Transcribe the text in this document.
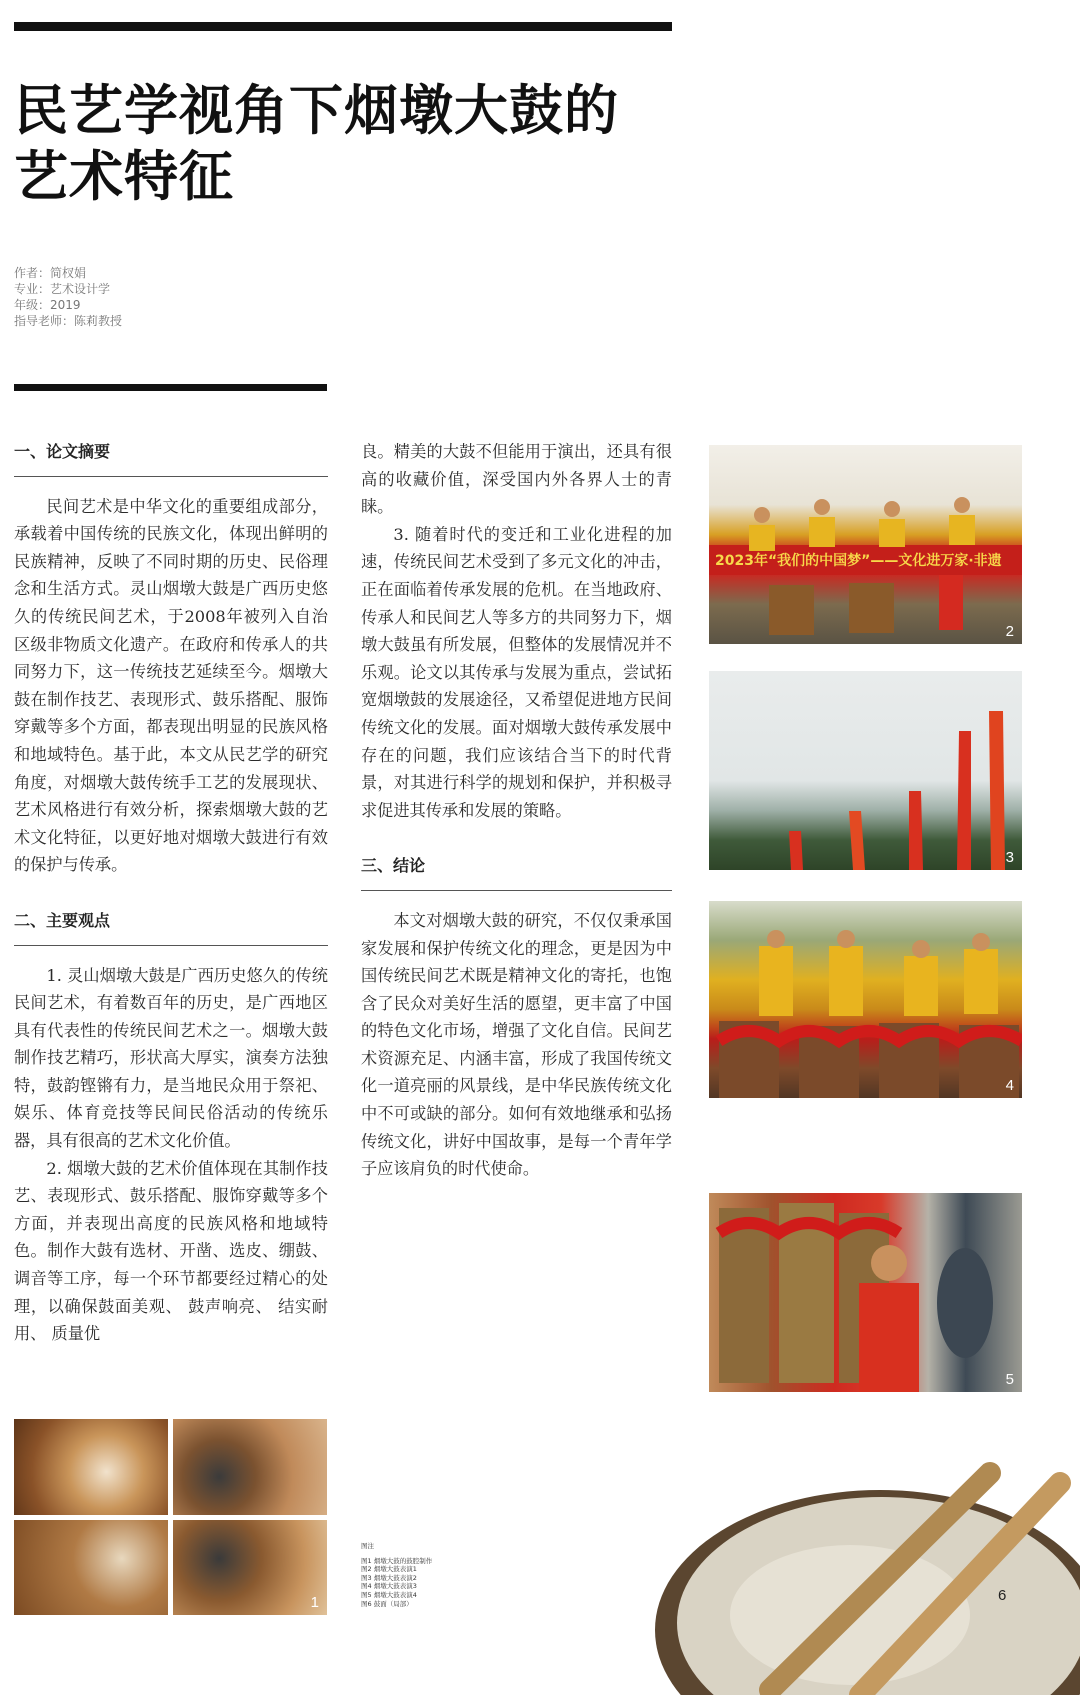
民艺学视角下烟墩大鼓的
艺术特征
作者：简杈娟
专业：艺术设计学
年级：2019
指导老师：陈莉教授
一、论文摘要

民间艺术是中华文化的重要组成部分，承载着中国传统的民族文化，体现出鲜明的民族精神，反映了不同时期的历史、民俗理念和生活方式。灵山烟墩大鼓是广西历史悠久的传统民间艺术，于2008年被列入自治区级非物质文化遗产。在政府和传承人的共同努力下，这一传统技艺延续至今。烟墩大鼓在制作技艺、表现形式、鼓乐搭配、服饰穿戴等多个方面，都表现出明显的民族风格和地域特色。基于此，本文从民艺学的研究角度，对烟墩大鼓传统手工艺的发展现状、艺术风格进行有效分析，探索烟墩大鼓的艺术文化特征，以更好地对烟墩大鼓进行有效的保护与传承。

二、主要观点

1. 灵山烟墩大鼓是广西历史悠久的传统民间艺术，有着数百年的历史，是广西地区具有代表性的传统民间艺术之一。烟墩大鼓制作技艺精巧，形状高大厚实，演奏方法独特，鼓韵铿锵有力，是当地民众用于祭祀、娱乐、体育竞技等民间民俗活动的传统乐器，具有很高的艺术文化价值。

2. 烟墩大鼓的艺术价值体现在其制作技艺、表现形式、鼓乐搭配、服饰穿戴等多个方面，并表现出高度的民族风格和地域特色。制作大鼓有选材、开凿、选皮、绷鼓、调音等工序，每一个环节都要经过精心的处理，以确保鼓面美观、 鼓声响亮、 结实耐用、 质量优

良。精美的大鼓不但能用于演出，还具有很高的收藏价值，深受国内外各界人士的青睐。

3. 随着时代的变迁和工业化进程的加速，传统民间艺术受到了多元文化的冲击，正在面临着传承发展的危机。在当地政府、传承人和民间艺人等多方的共同努力下，烟墩大鼓虽有所发展，但整体的发展情况并不乐观。论文以其传承与发展为重点，尝试拓宽烟墩鼓的发展途径，又希望促进地方民间传统文化的发展。面对烟墩大鼓传承发展中存在的问题，我们应该结合当下的时代背景，对其进行科学的规划和保护，并积极寻求促进其传承和发展的策略。

三、结论

本文对烟墩大鼓的研究，不仅仅秉承国家发展和保护传统文化的理念，更是因为中国传统民间艺术既是精神文化的寄托，也饱含了民众对美好生活的愿望，更丰富了中国的特色文化市场，增强了文化自信。民间艺术资源充足、内涵丰富，形成了我国传统文化一道亮丽的风景线，是中华民族传统文化中不可或缺的部分。如何有效地继承和弘扬传统文化，讲好中国故事，是每一个青年学子应该肩负的时代使命。

2023年“我们的中国梦”——文化进万家·非遗
2
3
4
5
1	6
图注
图1 烟墩大鼓的鼓腔制作
图2 烟墩大鼓表演1
图3 烟墩大鼓表演2
图4 烟墩大鼓表演3
图5 烟墩大鼓表演4
图6 鼓面（局部）
